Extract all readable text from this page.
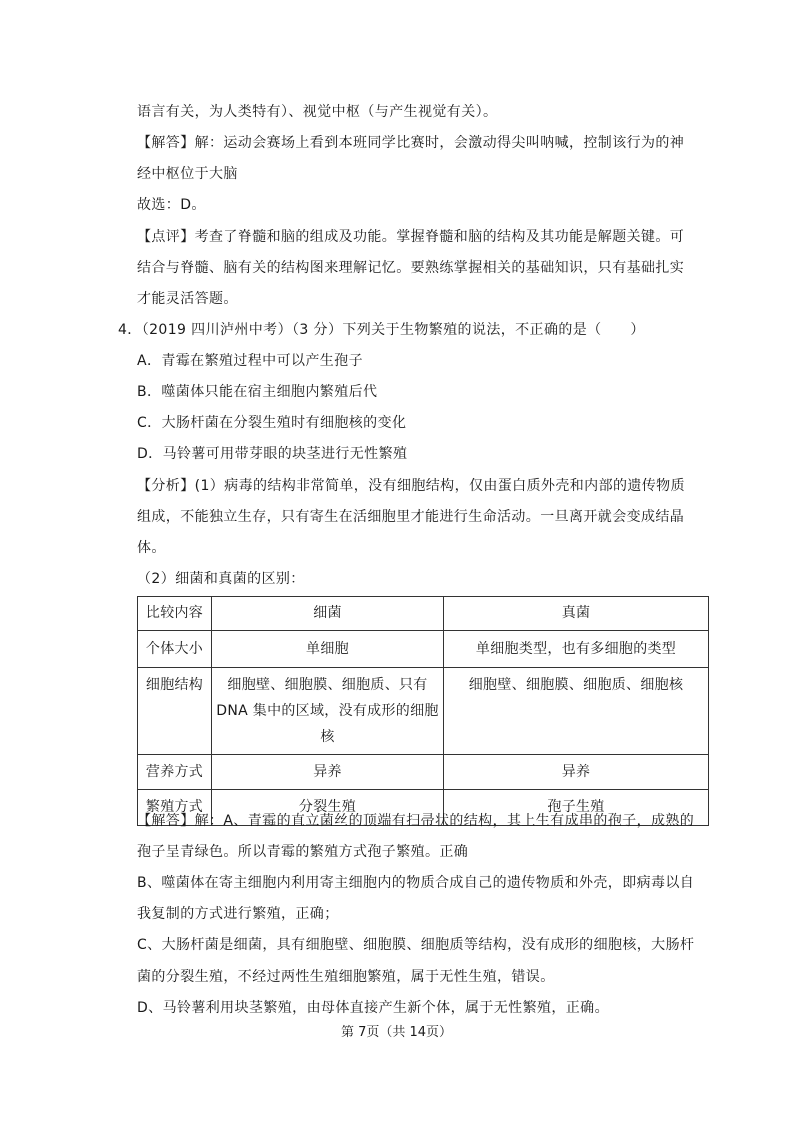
语言有关，为人类特有）、视觉中枢（与产生视觉有关）。
【解答】解：运动会赛场上看到本班同学比赛时，会激动得尖叫呐喊，控制该行为的神
经中枢位于大脑
故选：D。
【点评】考查了脊髓和脑的组成及功能。掌握脊髓和脑的结构及其功能是解题关键。可
结合与脊髓、脑有关的结构图来理解记忆。要熟练掌握相关的基础知识，只有基础扎实
才能灵活答题。
4．（2019 四川泸州中考）（3 分）下列关于生物繁殖的说法，不正确的是（　　）
A．青霉在繁殖过程中可以产生孢子
B．噬菌体只能在宿主细胞内繁殖后代
C．大肠杆菌在分裂生殖时有细胞核的变化
D．马铃薯可用带芽眼的块茎进行无性繁殖
【分析】(1）病毒的结构非常简单，没有细胞结构，仅由蛋白质外壳和内部的遗传物质
组成，不能独立生存，只有寄生在活细胞里才能进行生命活动。一旦离开就会变成结晶
体。
（2）细菌和真菌的区别：
比较内容	细菌	真菌
个体大小	单细胞	单细胞类型，也有多细胞的类型
细胞结构	细胞壁、细胞膜、细胞质、只有 DNA 集中的区域，没有成形的细胞核	细胞壁、细胞膜、细胞质、细胞核
营养方式	异养	异养
繁殖方式	分裂生殖	孢子生殖
【解答】解：A、青霉的直立菌丝的顶端有扫帚状的结构，其上生有成串的孢子，成熟的
孢子呈青绿色。所以青霉的繁殖方式孢子繁殖。正确
B、噬菌体在寄主细胞内利用寄主细胞内的物质合成自己的遗传物质和外壳，即病毒以自
我复制的方式进行繁殖，正确；
C、大肠杆菌是细菌，具有细胞壁、细胞膜、细胞质等结构，没有成形的细胞核，大肠杆
菌的分裂生殖，不经过两性生殖细胞繁殖，属于无性生殖，错误。
D、马铃薯利用块茎繁殖，由母体直接产生新个体，属于无性繁殖，正确。
第 7页（共 14页）
